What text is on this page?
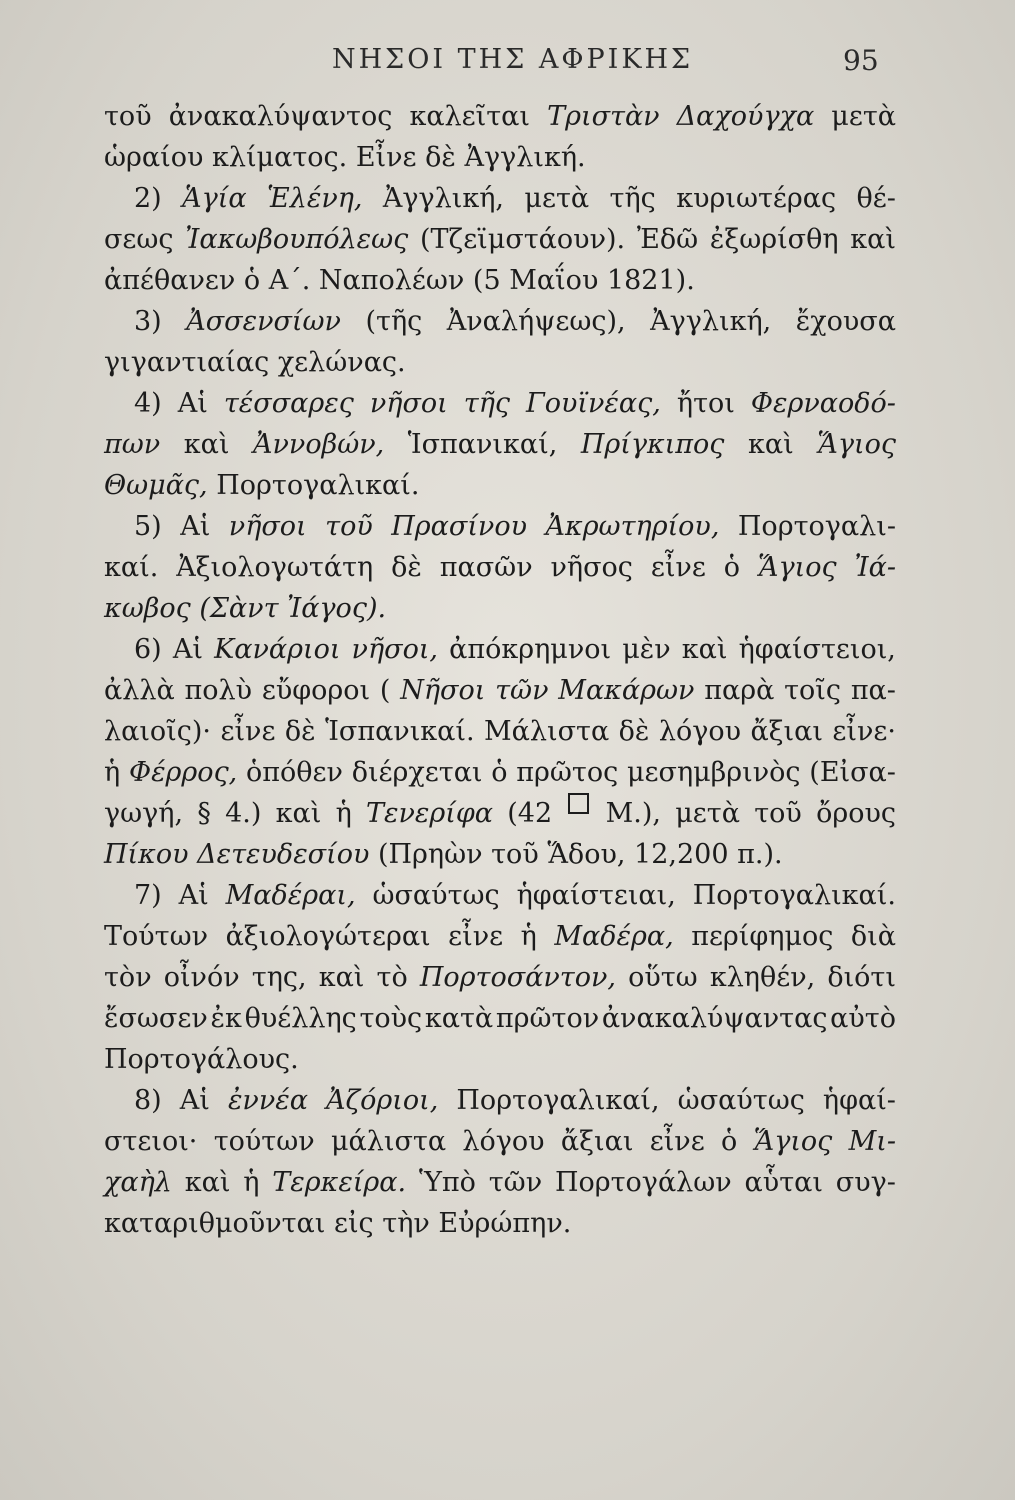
ΝΗΣΟΙ ΤΗΣ ΑΦΡΙΚΗΣ	95
τοῦ ἀνακαλύψαντος καλεῖται Τριστὰν Δαχούγχα μετὰ
ὡραίου
κλίματος.
Εἶνε
δὲ
Ἀγγλική.
2) Ἁγία Ἑλένη, Ἀγγλική, μετὰ τῆς κυριωτέρας θέ-
σεως Ἰακωβουπόλεως (Τζεϊμστάουν). Ἐδῶ ἐξωρίσθη καὶ
ἀπέθανεν
ὁ
Α΄.
Ναπολέων
(5
Μαΐου
1821).
3) Ἀσσενσίων (τῆς Ἀναλήψεως), Ἀγγλική, ἔχουσα
γιγαντιαίας
χελώνας.
4) Αἱ τέσσαρες νῆσοι τῆς Γουϊνέας, ἤτοι Φερναοδό-
πων καὶ Ἀννοβών, Ἱσπανικαί, Πρίγκιπος καὶ Ἅγιος
Θωμᾶς,
Πορτογαλικαί.
5) Αἱ νῆσοι τοῦ Πρασίνου Ἀκρωτηρίου, Πορτογαλι-
καί. Ἀξιολογωτάτη δὲ πασῶν νῆσος εἶνε ὁ Ἅγιος Ἰά-
κωβος
(Σὰντ
Ἰάγος).
6) Αἱ Κανάριοι νῆσοι, ἀπόκρημνοι μὲν καὶ ἡφαίστειοι,
ἀλλὰ πολὺ εὔφοροι ( Νῆσοι τῶν Μακάρων παρὰ τοῖς πα-
λαιοῖς)· εἶνε δὲ Ἱσπανικαί. Μάλιστα δὲ λόγου ἄξιαι εἶνε·
ἡ Φέρρος, ὁπόθεν διέρχεται ὁ πρῶτος μεσημβρινὸς (Εἰσα-
γωγή, § 4.) καὶ ἡ Τενερίφα (42 Μ.), μετὰ τοῦ ὄρους
Πίκου
Δετευδεσίου
(Πρηὼν
τοῦ
Ἅδου,
12,200
π.).
7) Αἱ Μαδέραι, ὡσαύτως ἡφαίστειαι, Πορτογαλικαί.
Τούτων ἀξιολογώτεραι εἶνε ἡ Μαδέρα, περίφημος διὰ
τὸν οἶνόν της, καὶ τὸ Πορτοσάντον, οὕτω κληθέν, διότι
ἔσωσεν ἐκ θυέλλης τοὺς κατὰ πρῶτον ἀνακαλύψαντας αὐτὸ
Πορτογάλους.
8) Αἱ ἐννέα Ἀζόριοι, Πορτογαλικαί, ὡσαύτως ἡφαί-
στειοι· τούτων μάλιστα λόγου ἄξιαι εἶνε ὁ Ἅγιος Μι-
χαὴλ καὶ ἡ Τερκείρα. Ὑπὸ τῶν Πορτογάλων αὗται συγ-
καταριθμοῦνται
εἰς
τὴν
Εὐρώπην.
